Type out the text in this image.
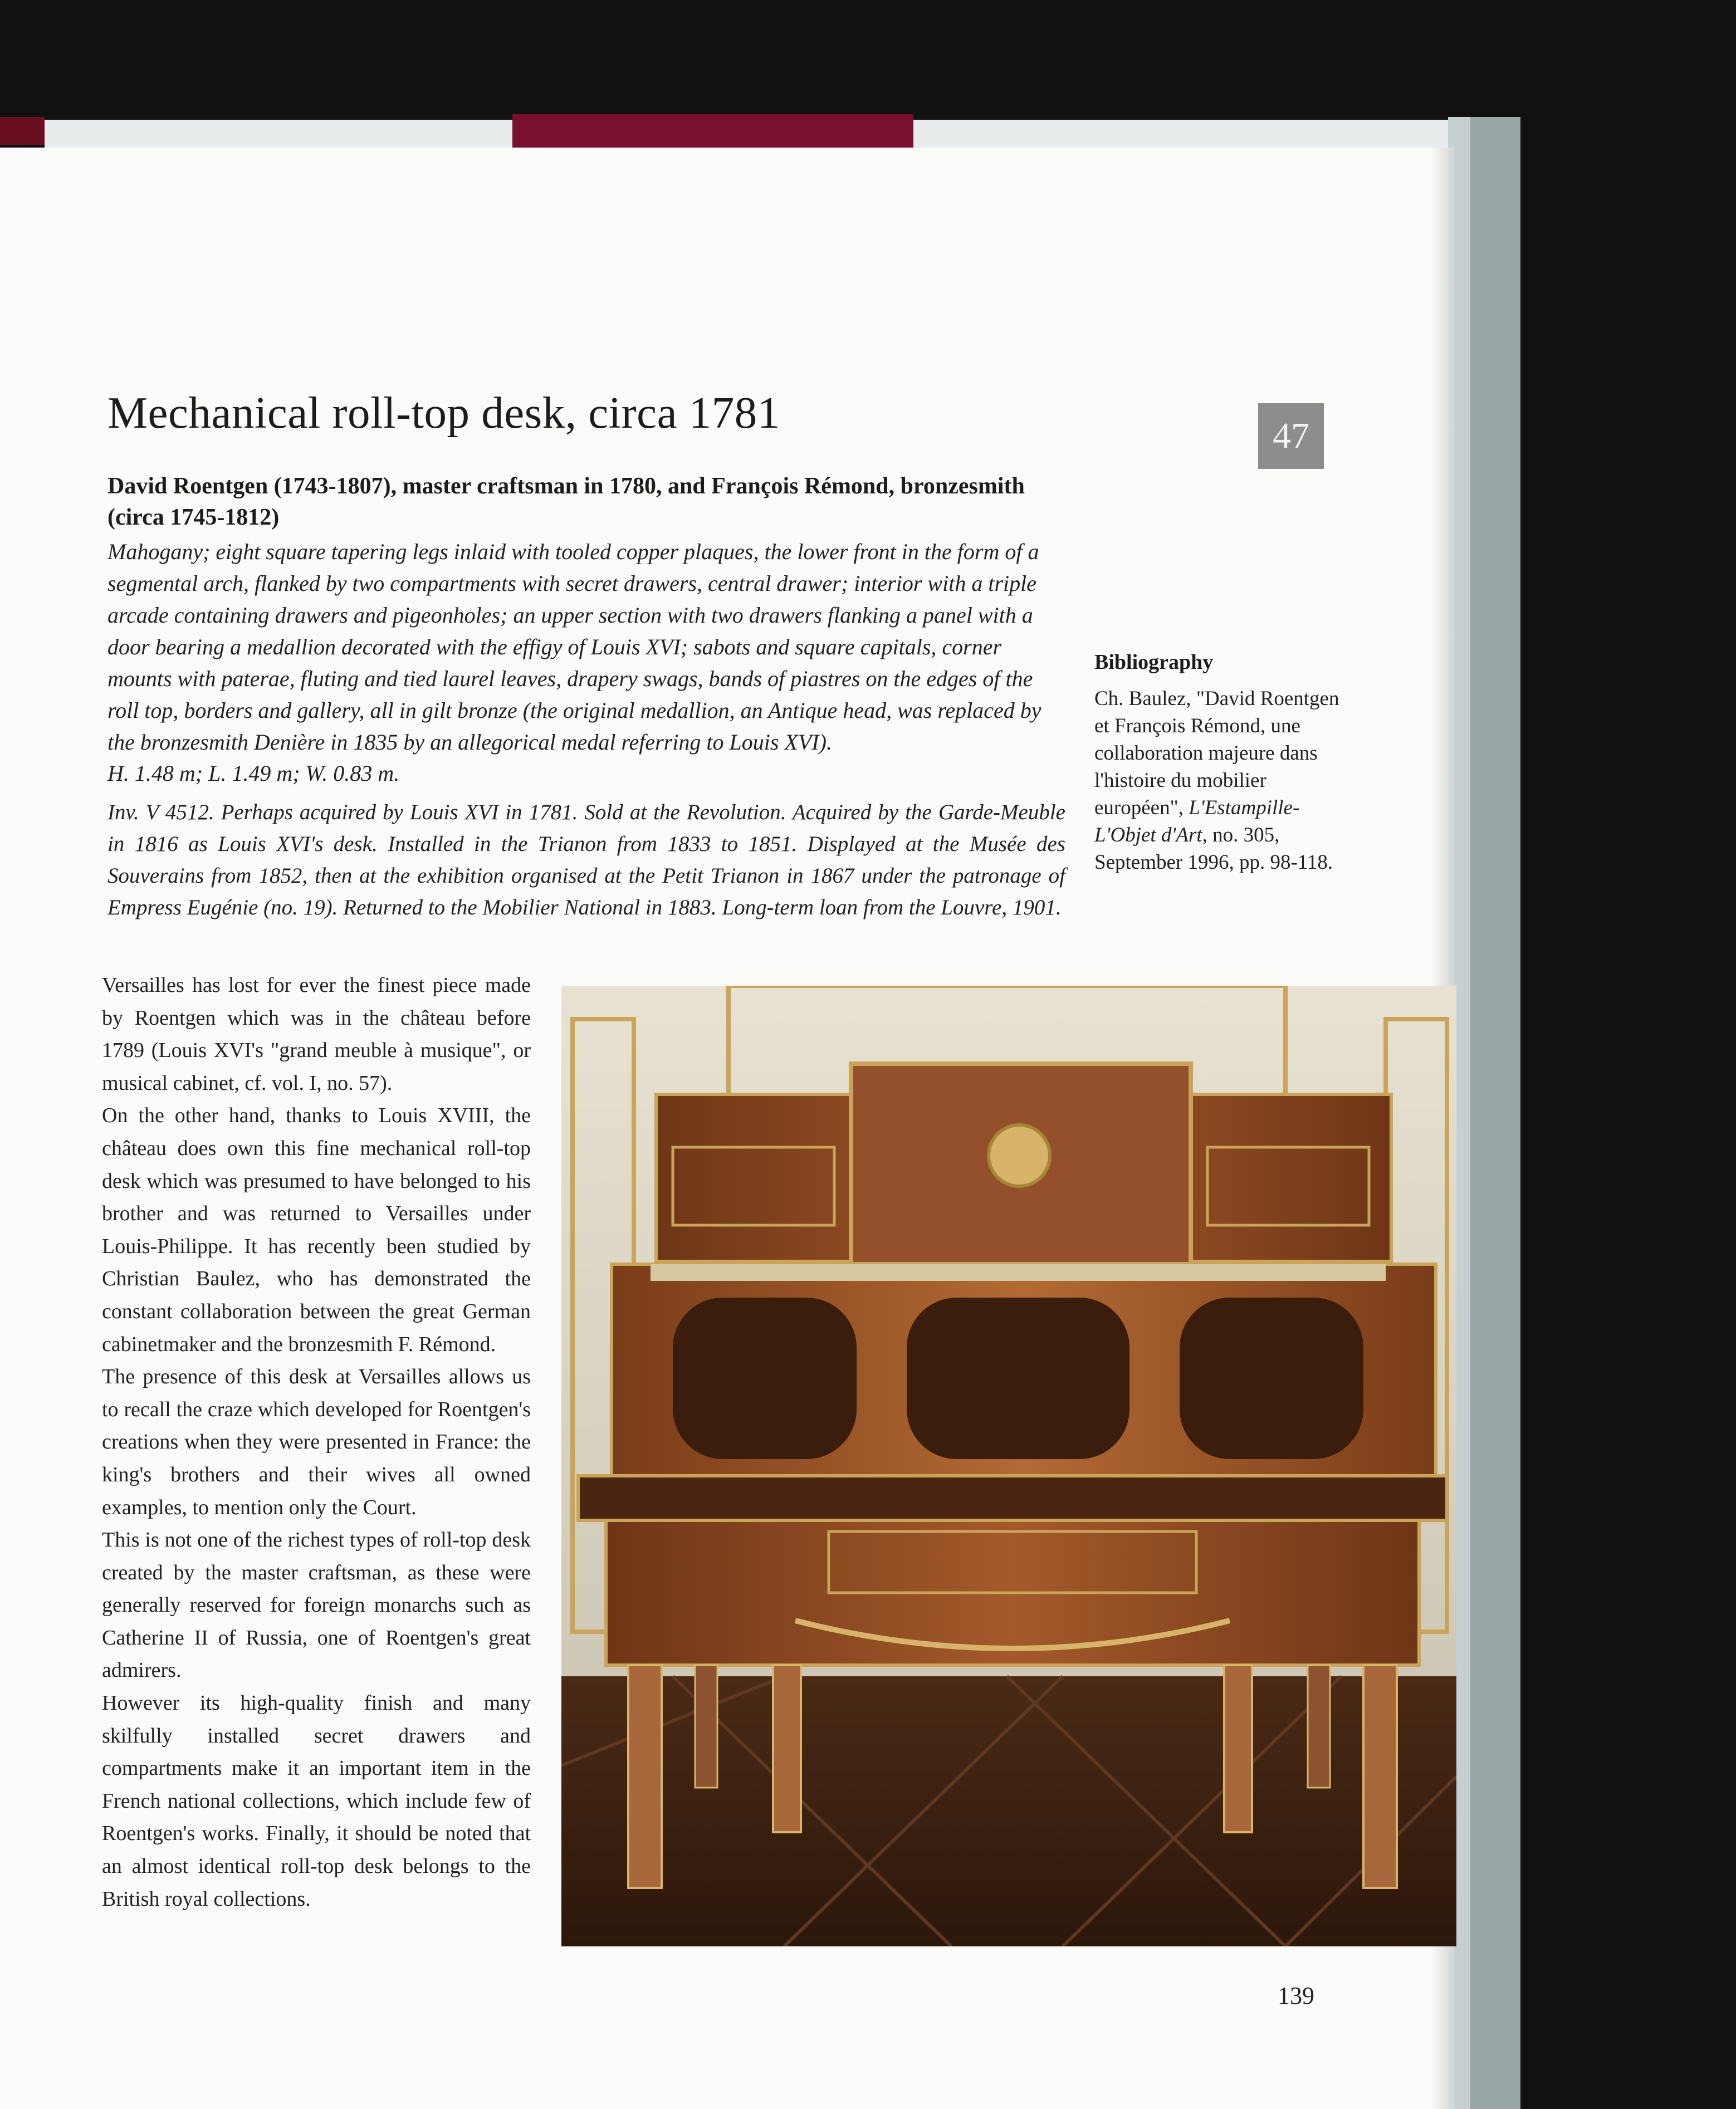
Mechanical roll-top desk, circa 1781	47

David Roentgen (1743-1807), master craftsman in 1780, and François Rémond, bronzesmith (circa 1745-1812)

Mahogany; eight square tapering legs inlaid with tooled copper plaques, the lower front in the form of a segmental arch, flanked by two compartments with secret drawers, central drawer; interior with a triple arcade containing drawers and pigeonholes; an upper section with two drawers flanking a panel with a door bearing a medallion decorated with the effigy of Louis XVI; sabots and square capitals, corner mounts with paterae, fluting and tied laurel leaves, drapery swags, bands of piastres on the edges of the roll top, borders and gallery, all in gilt bronze (the original medallion, an Antique head, was replaced by the bronzesmith Denière in 1835 by an allegorical medal referring to Louis XVI).

H. 1.48 m; L. 1.49 m; W. 0.83 m.

Inv. V 4512. Perhaps acquired by Louis XVI in 1781. Sold at the Revolution. Acquired by the Garde-Meuble in 1816 as Louis XVI's desk. Installed in the Trianon from 1833 to 1851. Displayed at the Musée des Souverains from 1852, then at the exhibition organised at the Petit Trianon in 1867 under the patronage of Empress Eugénie (no. 19). Returned to the Mobilier National in 1883. Long-term loan from the Louvre, 1901.

Bibliography

Ch. Baulez, "David Roentgen et François Rémond, une collaboration majeure dans l'histoire du mobilier européen", L'Estampille-L'Objet d'Art, no. 305, September 1996, pp. 98-118.

Versailles has lost for ever the finest piece made by Roentgen which was in the château before 1789 (Louis XVI's "grand meuble à musique", or musical cabinet, cf. vol. I, no. 57).

On the other hand, thanks to Louis XVIII, the château does own this fine mechanical roll-top desk which was presumed to have belonged to his brother and was returned to Versailles under Louis-Philippe. It has recently been studied by Christian Baulez, who has demonstrated the constant collaboration between the great German cabinetmaker and the bronzesmith F. Rémond.

The presence of this desk at Versailles allows us to recall the craze which developed for Roentgen's creations when they were presented in France: the king's brothers and their wives all owned examples, to mention only the Court.

This is not one of the richest types of roll-top desk created by the master craftsman, as these were generally reserved for foreign monarchs such as Catherine II of Russia, one of Roentgen's great admirers.

However its high-quality finish and many skilfully installed secret drawers and compartments make it an important item in the French national collections, which include few of Roentgen's works. Finally, it should be noted that an almost identical roll-top desk belongs to the British royal collections.

139
